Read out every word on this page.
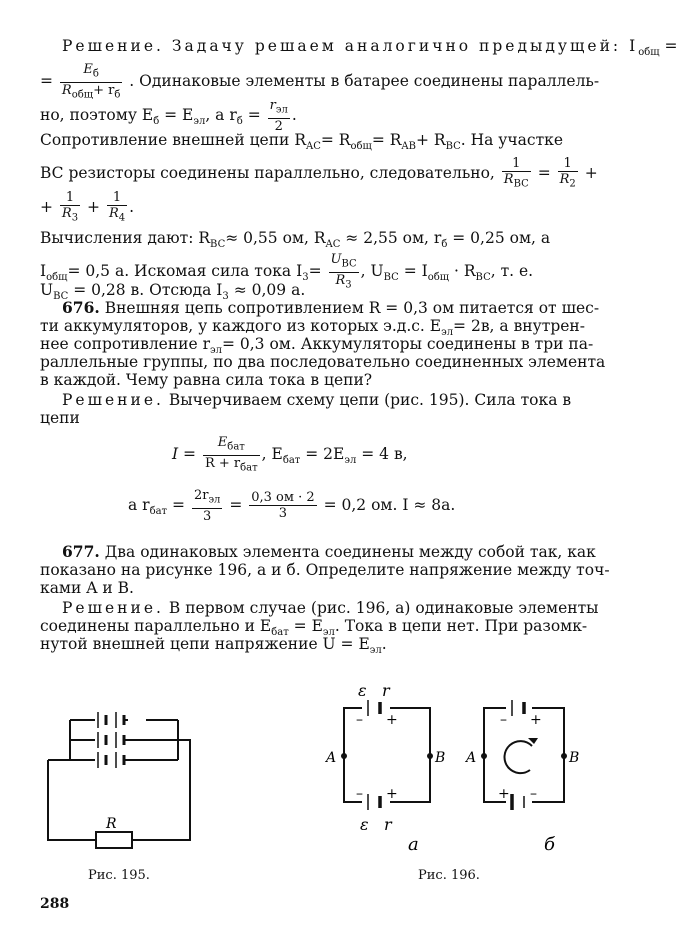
Решение. Задачу решаем аналогично предыдущей: $I_{общ}$ =
= $\frac{E_б}{R_{общ}+ r_б}$ . Одинаковые элементы в батарее соединены параллель-
но, поэтому $E_б = E_{эл}$, а $r_б = \frac{r_{эл}}{2}$ .
Сопротивление внешней цепи $R_{AC}= R_{общ}= R_{AB}+ R_{BC}$. На участке
BC резисторы соединены параллельно, следовательно, $\frac{1}{R_{BC}} = \frac{1}{R_2}$ +
+ $\frac{1}{R_3} + \frac{1}{R_4}$ .
Вычисления дают: $R_{BC}\approx 0,55$ ом, $R_{AC} \approx 2,55$ ом, $r_б = 0,25$ ом, а
$I_{общ}= 0,5$ а. Искомая сила тока $I_3= \frac{U_{BC}}{R_3}$ , $U_{BC} = I_{общ} \cdot R_{BC}$, т. е.
$U_{BC} = 0,28$ в. Отсюда $I_3 \approx 0,09$ а.
676. Внешняя цепь сопротивлением R = 0,3 ом питается от шес-
ти аккумуляторов, у каждого из которых э.д.с. $E_{эл}= 2в$, а внутрен-
нее сопротивление $r_{эл}= 0,3$ ом. Аккумуляторы соединены в три па-
раллельные группы, по два последовательно соединенных элемента
в каждой. Чему равна сила тока в цепи?
Решение. Вычерчиваем схему цепи (рис. 195). Сила тока в
цепи
$I = \frac{E_{бат}}{R + r_{бат}}$ , $E_{бат} = 2E_{эл} = 4$ в,
а $r_{бат} = \frac{2r_{эл}}{3} = \frac{0,3 ом \cdot 2}{3} = 0,2$ ом. I ≈ 8а.
677. Два одинаковых элемента соединены между собой так, как
показано на рисунке 196, а и б. Определите напряжение между точ-
ками A и B.
Решение. В первом случае (рис. 196, а) одинаковые элементы
соединены параллельно и $E_{бат} = E_{эл}$. Тока в цепи нет. При разомк-
нутой внешней цепи напряжение $U = E_{эл}$.
R
Рис. 195.
ε r
– +
– +
ε r
A	B
а
– +
+ –
A	B
б
Рис. 196.
288
